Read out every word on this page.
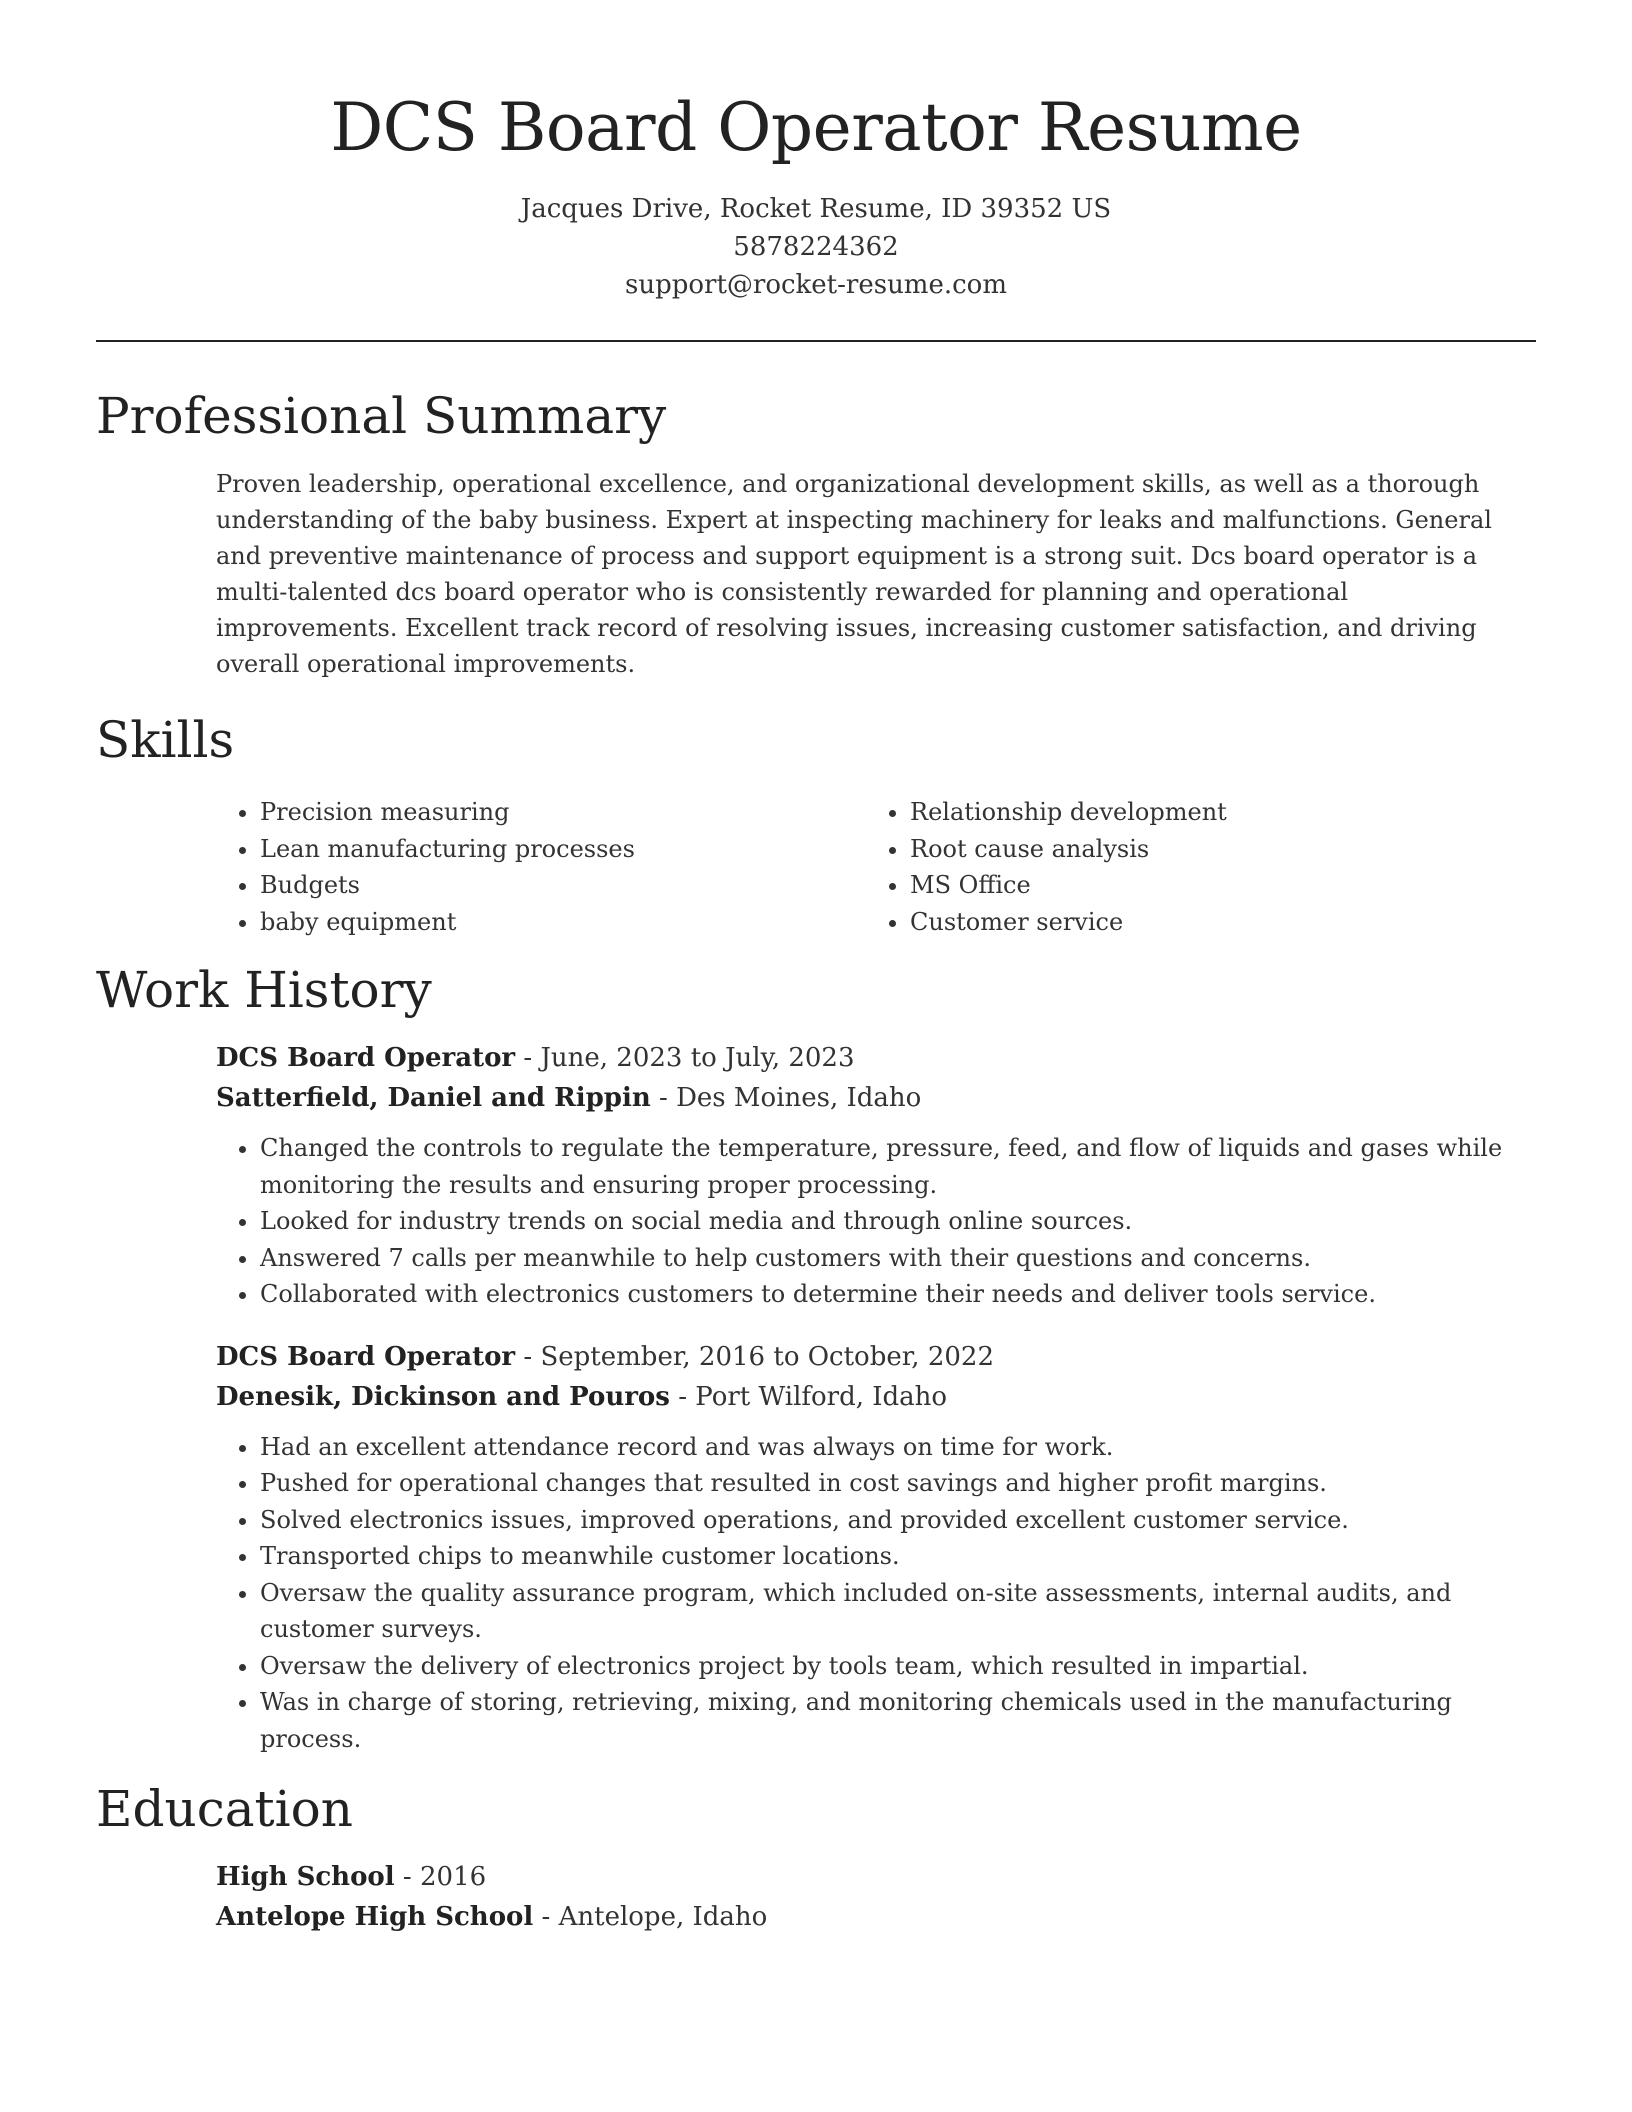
DCS Board Operator Resume
Jacques Drive, Rocket Resume, ID 39352 US
5878224362
support@rocket-resume.com
Professional Summary

Proven leadership, operational excellence, and organizational development skills, as well as a thorough understanding of the baby business. Expert at inspecting machinery for leaks and malfunctions. General and preventive maintenance of process and support equipment is a strong suit. Dcs board operator is a multi-talented dcs board operator who is consistently rewarded for planning and operational improvements. Excellent track record of resolving issues, increasing customer satisfaction, and driving overall operational improvements.

Skills
• Precision measuring
• Lean manufacturing processes
• Budgets
• baby equipment
• Relationship development
• Root cause analysis
• MS Office
• Customer service
Work History
DCS Board Operator - June, 2023 to July, 2023
Satterfield, Daniel and Rippin - Des Moines, Idaho
• Changed the controls to regulate the temperature, pressure, feed, and flow of liquids and gases while monitoring the results and ensuring proper processing.
• Looked for industry trends on social media and through online sources.
• Answered 7 calls per meanwhile to help customers with their questions and concerns.
• Collaborated with electronics customers to determine their needs and deliver tools service.
DCS Board Operator - September, 2016 to October, 2022
Denesik, Dickinson and Pouros - Port Wilford, Idaho
• Had an excellent attendance record and was always on time for work.
• Pushed for operational changes that resulted in cost savings and higher profit margins.
• Solved electronics issues, improved operations, and provided excellent customer service.
• Transported chips to meanwhile customer locations.
• Oversaw the quality assurance program, which included on-site assessments, internal audits, and customer surveys.
• Oversaw the delivery of electronics project by tools team, which resulted in impartial.
• Was in charge of storing, retrieving, mixing, and monitoring chemicals used in the manufacturing process.
Education
High School - 2016
Antelope High School - Antelope, Idaho
